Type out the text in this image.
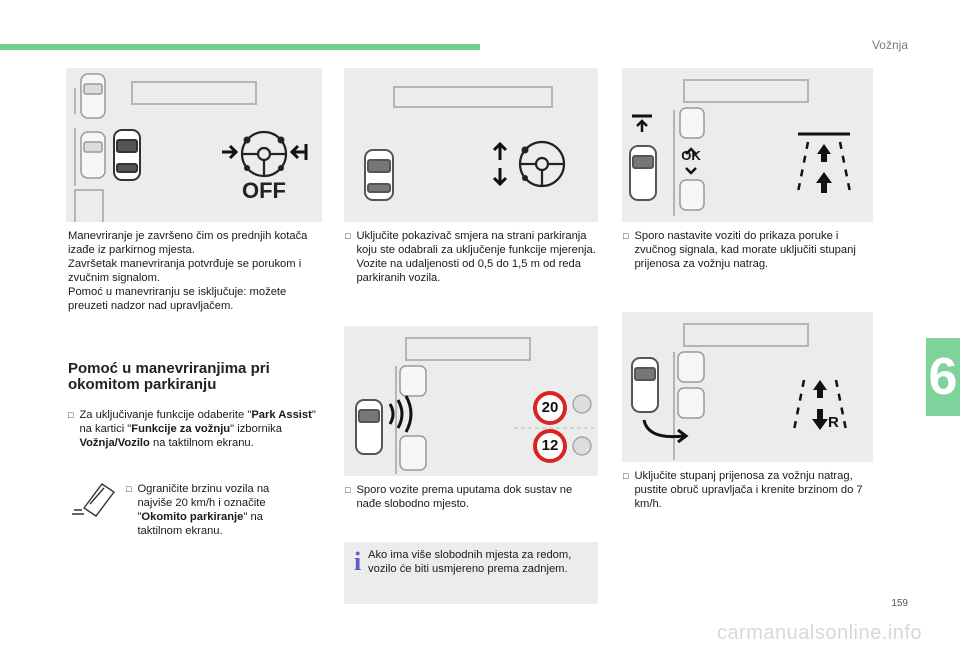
Vožnja
6
OFF
OK
Manevriranje je završeno čim os prednjih kotača izađe iz parkirnog mjesta.
Završetak manevriranja potvrđuje se porukom i zvučnim signalom.
Pomoć u manevriranju se isključuje: možete preuzeti nadzor nad upravljačem.
□ Uključite pokazivač smjera na strani parkiranja koju ste odabrali za uključenje funkcije mjerenja. Vozite na udaljenosti od 0,5 do 1,5 m od reda parkiranih vozila.
□ Sporo nastavite voziti do prikaza poruke i zvučnog signala, kad morate uključiti stupanj prijenosa za vožnju natrag.
Pomoć u manevriranjima pri okomitom parkiranju
□ Za uključivanje funkcije odaberite "Park Assist" na kartici "Funkcije za vožnju" izbornika Vožnja/Vozilo na taktilnom ekranu.
□ Ograničite brzinu vozila na najviše 20 km/h i označite "Okomito parkiranje" na taktilnom ekranu.
20
12
□ Sporo vozite prema uputama dok sustav ne nađe slobodno mjesto.
i Ako ima više slobodnih mjesta za redom, vozilo će biti usmjereno prema zadnjem.
R
□ Uključite stupanj prijenosa za vožnju natrag, pustite obruč upravljača i krenite brzinom do 7 km/h.
159
carmanualsonline.info
